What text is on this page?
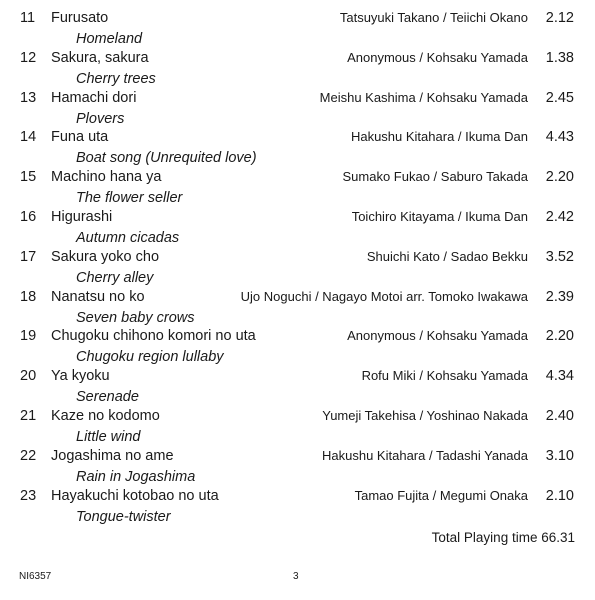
11 Furusato
Homeland
Tatsuyuki Takano / Teiichi Okano 2.12
12 Sakura, sakura
Cherry trees
Anonymous / Kohsaku Yamada 1.38
13 Hamachi dori
Plovers
Meishu Kashima / Kohsaku Yamada 2.45
14 Funa uta
Boat song (Unrequited love)
Hakushu Kitahara / Ikuma Dan 4.43
15 Machino hana ya
The flower seller
Sumako Fukao / Saburo Takada 2.20
16 Higurashi
Autumn cicadas
Toichiro Kitayama / Ikuma Dan 2.42
17 Sakura yoko cho
Cherry alley
Shuichi Kato / Sadao Bekku 3.52
18 Nanatsu no ko
Seven baby crows
Ujo Noguchi / Nagayo Motoi arr. Tomoko Iwakawa 2.39
19 Chugoku chihono komori no uta
Chugoku region lullaby
Anonymous / Kohsaku Yamada 2.20
20 Ya kyoku
Serenade
Rofu Miki / Kohsaku Yamada 4.34
21 Kaze no kodomo
Little wind
Yumeji Takehisa / Yoshinao Nakada 2.40
22 Jogashima no ame
Rain in Jogashima
Hakushu Kitahara / Tadashi Yanada 3.10
23 Hayakuchi kotobao no uta
Tongue-twister
Tamao Fujita / Megumi Onaka 2.10
Total Playing time 66.31
NI6357	3
